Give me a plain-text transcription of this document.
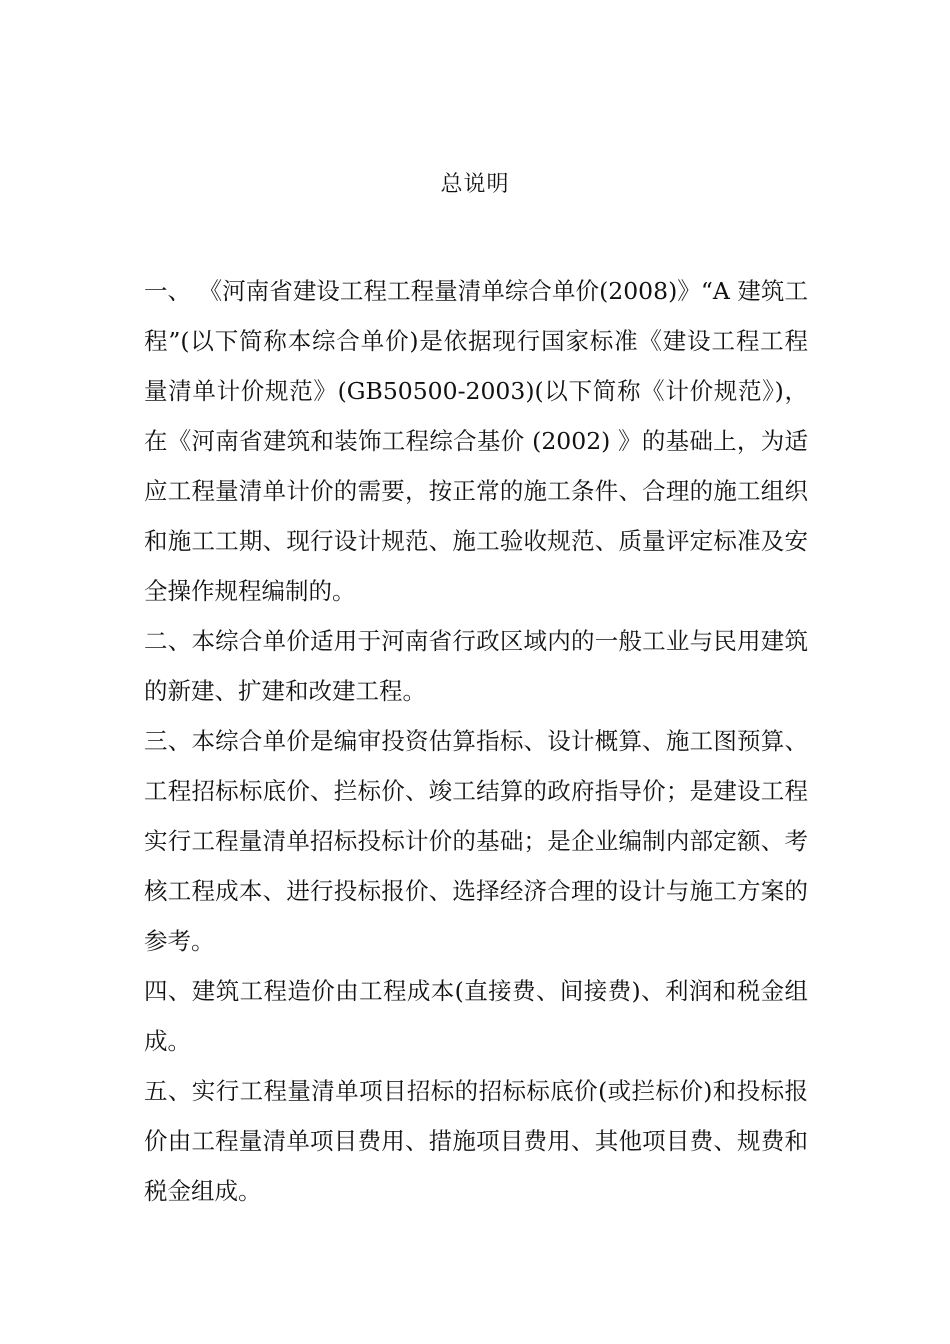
总说明

一、 《河南省建设工程工程量清单综合单价(2008)》“A 建筑工程”(以下简称本综合单价)是依据现行国家标准《建设工程工程量清单计价规范》(GB50500-2003)(以下简称《计价规范》)，在《河南省建筑和装饰工程综合基价 (2002) 》的基础上，为适应工程量清单计价的需要，按正常的施工条件、合理的施工组织和施工工期、现行设计规范、施工验收规范、质量评定标准及安全操作规程编制的。

二、本综合单价适用于河南省行政区域内的一般工业与民用建筑的新建、扩建和改建工程。

三、本综合单价是编审投资估算指标、设计概算、施工图预算、工程招标标底价、拦标价、竣工结算的政府指导价；是建设工程实行工程量清单招标投标计价的基础；是企业编制内部定额、考核工程成本、进行投标报价、选择经济合理的设计与施工方案的参考。

四、建筑工程造价由工程成本(直接费、间接费)、利润和税金组成。

五、实行工程量清单项目招标的招标标底价(或拦标价)和投标报价由工程量清单项目费用、措施项目费用、其他项目费、规费和税金组成。
